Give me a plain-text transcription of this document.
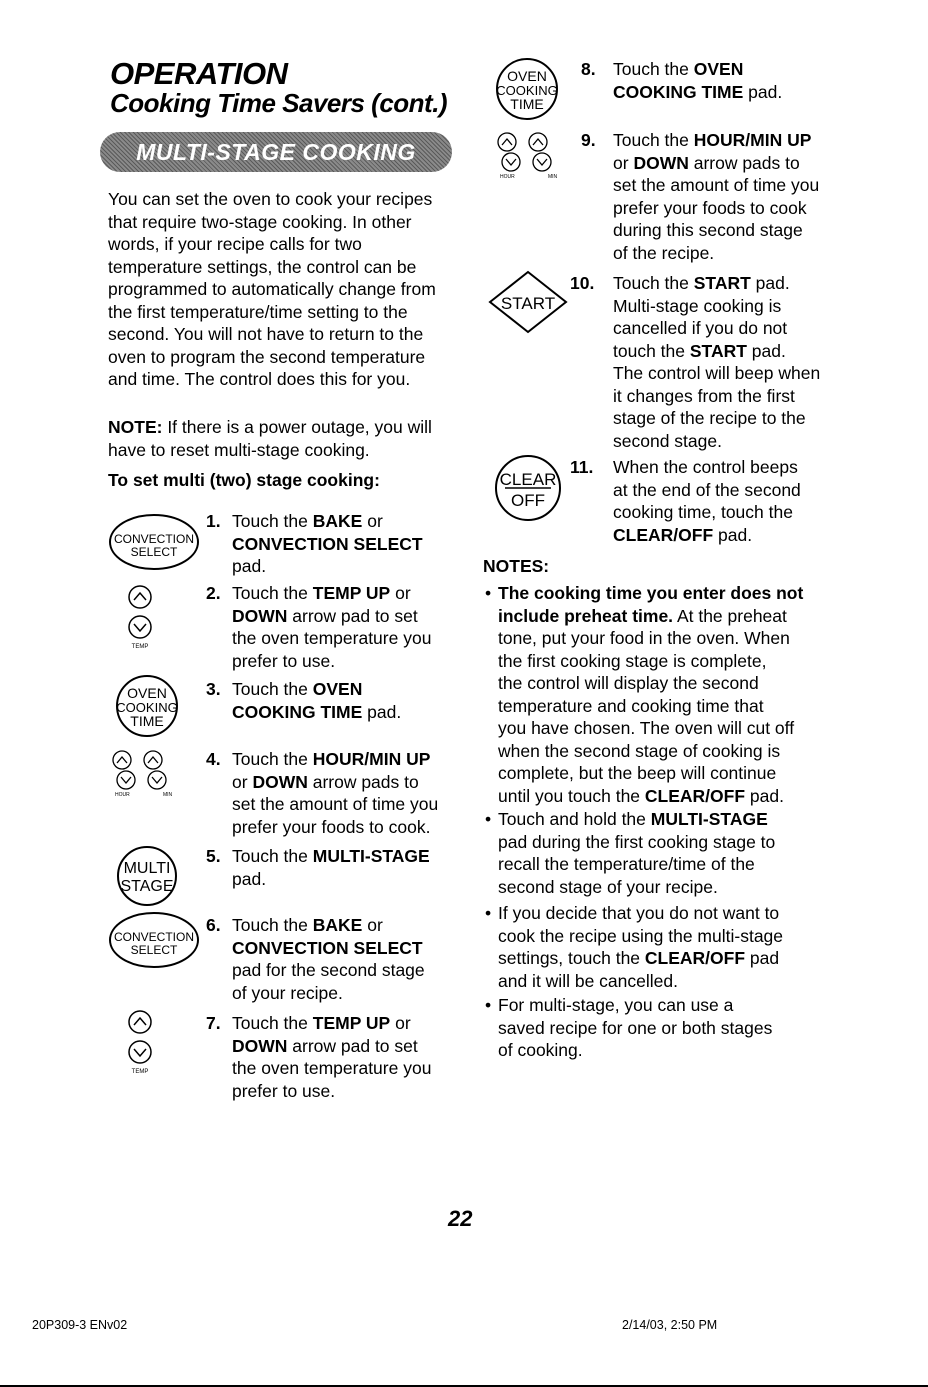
OPERATION
Cooking Time Savers (cont.)
MULTI-STAGE COOKING
You can set the oven to cook your recipes that require two-stage cooking. In other words, if your recipe calls for two temperature settings, the control can be programmed to automatically change from the first temperature/time setting to the second. You will not have to return to the oven to program the second temperature and time. The control does this for you.
NOTE: If there is a power outage, you will have to reset multi-stage cooking.
To set multi (two) stage cooking:
CONVECTION
SELECT
TEMP
OVEN
COOKING
TIME
HOUR	MIN
MULTI
STAGE
CONVECTION
SELECT
TEMP
OVEN
COOKING
TIME
HOUR	MIN
START
CLEAR
OFF
1. Touch the BAKE or
CONVECTION SELECT
pad.
2. Touch the TEMP UP or
DOWN arrow pad to set
the oven temperature you
prefer to use.
3. Touch the OVEN
COOKING TIME pad.
4. Touch the HOUR/MIN UP
or DOWN arrow pads to
set the amount of time you
prefer your foods to cook.
5. Touch the MULTI-STAGE
pad.
6. Touch the BAKE or
CONVECTION SELECT
pad for the second stage
of your recipe.
7. Touch the TEMP UP or
DOWN arrow pad to set
the oven temperature you
prefer to use.
8. Touch the OVEN
COOKING TIME pad.
9. Touch the HOUR/MIN UP
or DOWN arrow pads to
set the amount of time you
prefer your foods to cook
during this second stage
of the recipe.
10. Touch the START pad.
Multi-stage cooking is
cancelled if you do not
touch the START pad.
The control will beep when
it changes from the first
stage of the recipe to the
second stage.
11. When the control beeps
at the end of the second
cooking time, touch the
CLEAR/OFF pad.
NOTES:
• The cooking time you enter does not
include preheat time. At the preheat
tone, put your food in the oven. When
the first cooking stage is complete,
the control will display the second
temperature and cooking time that
you have chosen. The oven will cut off
when the second stage of cooking is
complete, but the beep will continue
until you touch the CLEAR/OFF pad.
• Touch and hold the MULTI-STAGE
pad during the first cooking stage to
recall the temperature/time of the
second stage of your recipe.
• If you decide that you do not want to
cook the recipe using the multi-stage
settings, touch the CLEAR/OFF pad
and it will be cancelled.
• For multi-stage, you can use a
saved recipe for one or both stages
of cooking.
22
20P309-3 ENv02	2/14/03, 2:50 PM
